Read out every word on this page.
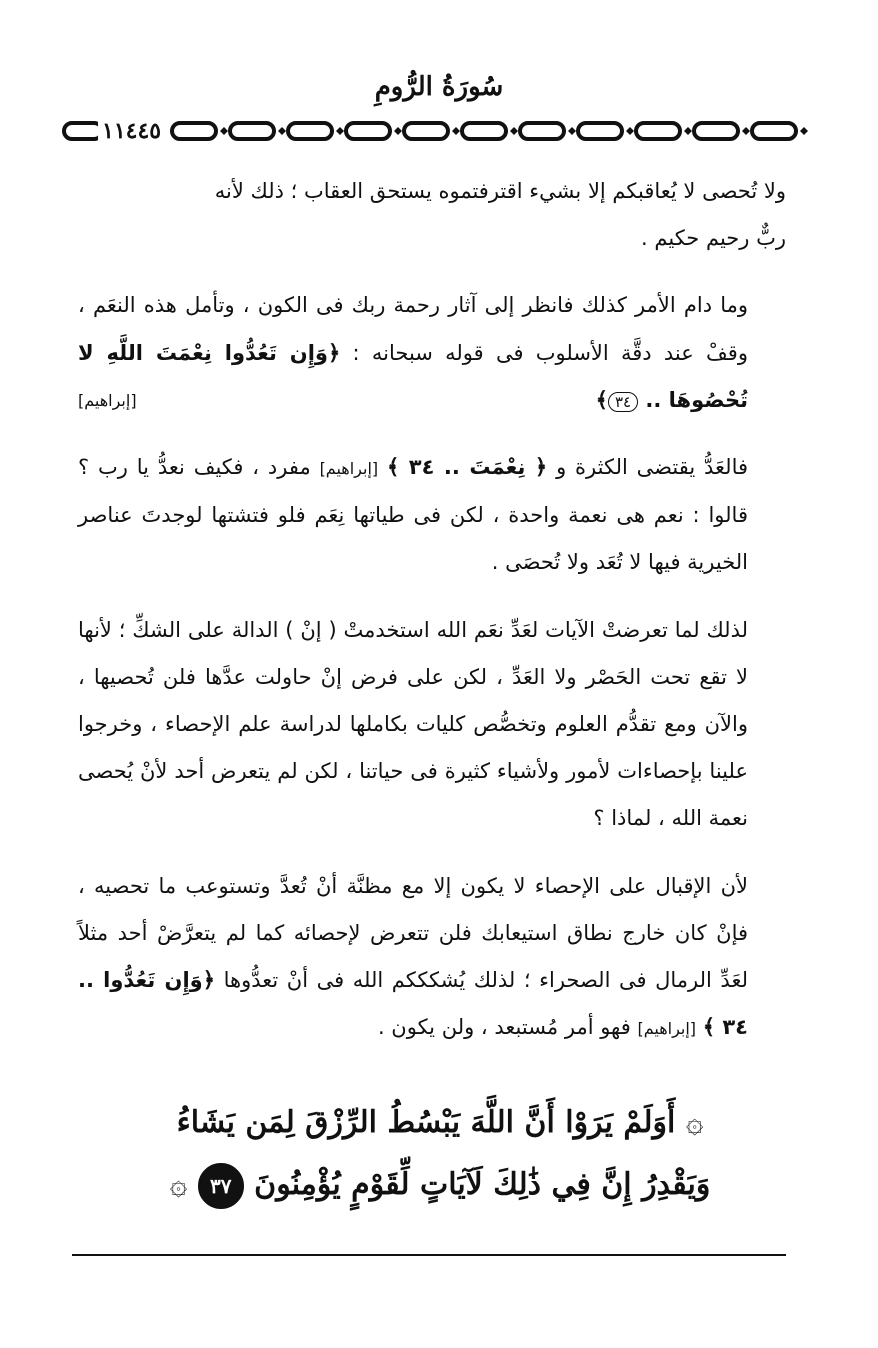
سُورَةُ الرُّومِ
١١٤٤٥
ولا تُحصى لا يُعاقبكم إلا بشيء اقترفتموه يستحق العقاب ؛ ذلك لأنه
ربٌّ رحيم حكيم .
وما دام الأمر كذلك فانظر إلى آثار رحمة ربك فى الكون ، وتأمل هذه النعَم ، وقفْ عند دقَّة الأسلوب فى قوله سبحانه : ﴿وَإِن تَعُدُّوا نِعْمَتَ اللَّهِ لا تُحْصُوهَا .. ٣٤﴾
[إبراهيم]
فالعَدُّ يقتضى الكثرة و ﴿ نِعْمَتَ .. ٣٤ ﴾ [إبراهيم] مفرد ، فكيف نعدُّ يا رب ؟ قالوا : نعم هى نعمة واحدة ، لكن فى طياتها نِعَم فلو فتشتها لوجدتَ عناصر الخيرية فيها لا تُعَد ولا تُحصَى .
لذلك لما تعرضتْ الآيات لعَدِّ نعَم الله استخدمتْ ( إنْ ) الدالة على الشكِّ ؛ لأنها لا تقع تحت الحَصْر ولا العَدِّ ، لكن على فرض إنْ حاولت عدَّها فلن تُحصيها ، والآن ومع تقدُّم العلوم وتخصُّص كليات بكاملها لدراسة علم الإحصاء ، وخرجوا علينا بإحصاءات لأمور ولأشياء كثيرة فى حياتنا ، لكن لم يتعرض أحد لأنْ يُحصى نعمة الله ، لماذا ؟
لأن الإقبال على الإحصاء لا يكون إلا مع مظنَّة أنْ تُعدَّ وتستوعب ما تحصيه ، فإنْ كان خارج نطاق استيعابك فلن تتعرض لإحصائه كما لم يتعرَّضْ أحد مثلاً لعَدِّ الرمال فى الصحراء ؛ لذلك يُشكككم الله فى أنْ تعدُّوها ﴿وَإِن تَعُدُّوا .. ٣٤ ﴾ [إبراهيم] فهو أمر مُستبعد ، ولن يكون .
۞ أَوَلَمْ يَرَوْا أَنَّ اللَّهَ يَبْسُطُ الرِّزْقَ لِمَن يَشَاءُ
وَيَقْدِرُ إِنَّ فِي ذَٰلِكَ لَآيَاتٍ لِّقَوْمٍ يُؤْمِنُونَ ٣٧ ۞
